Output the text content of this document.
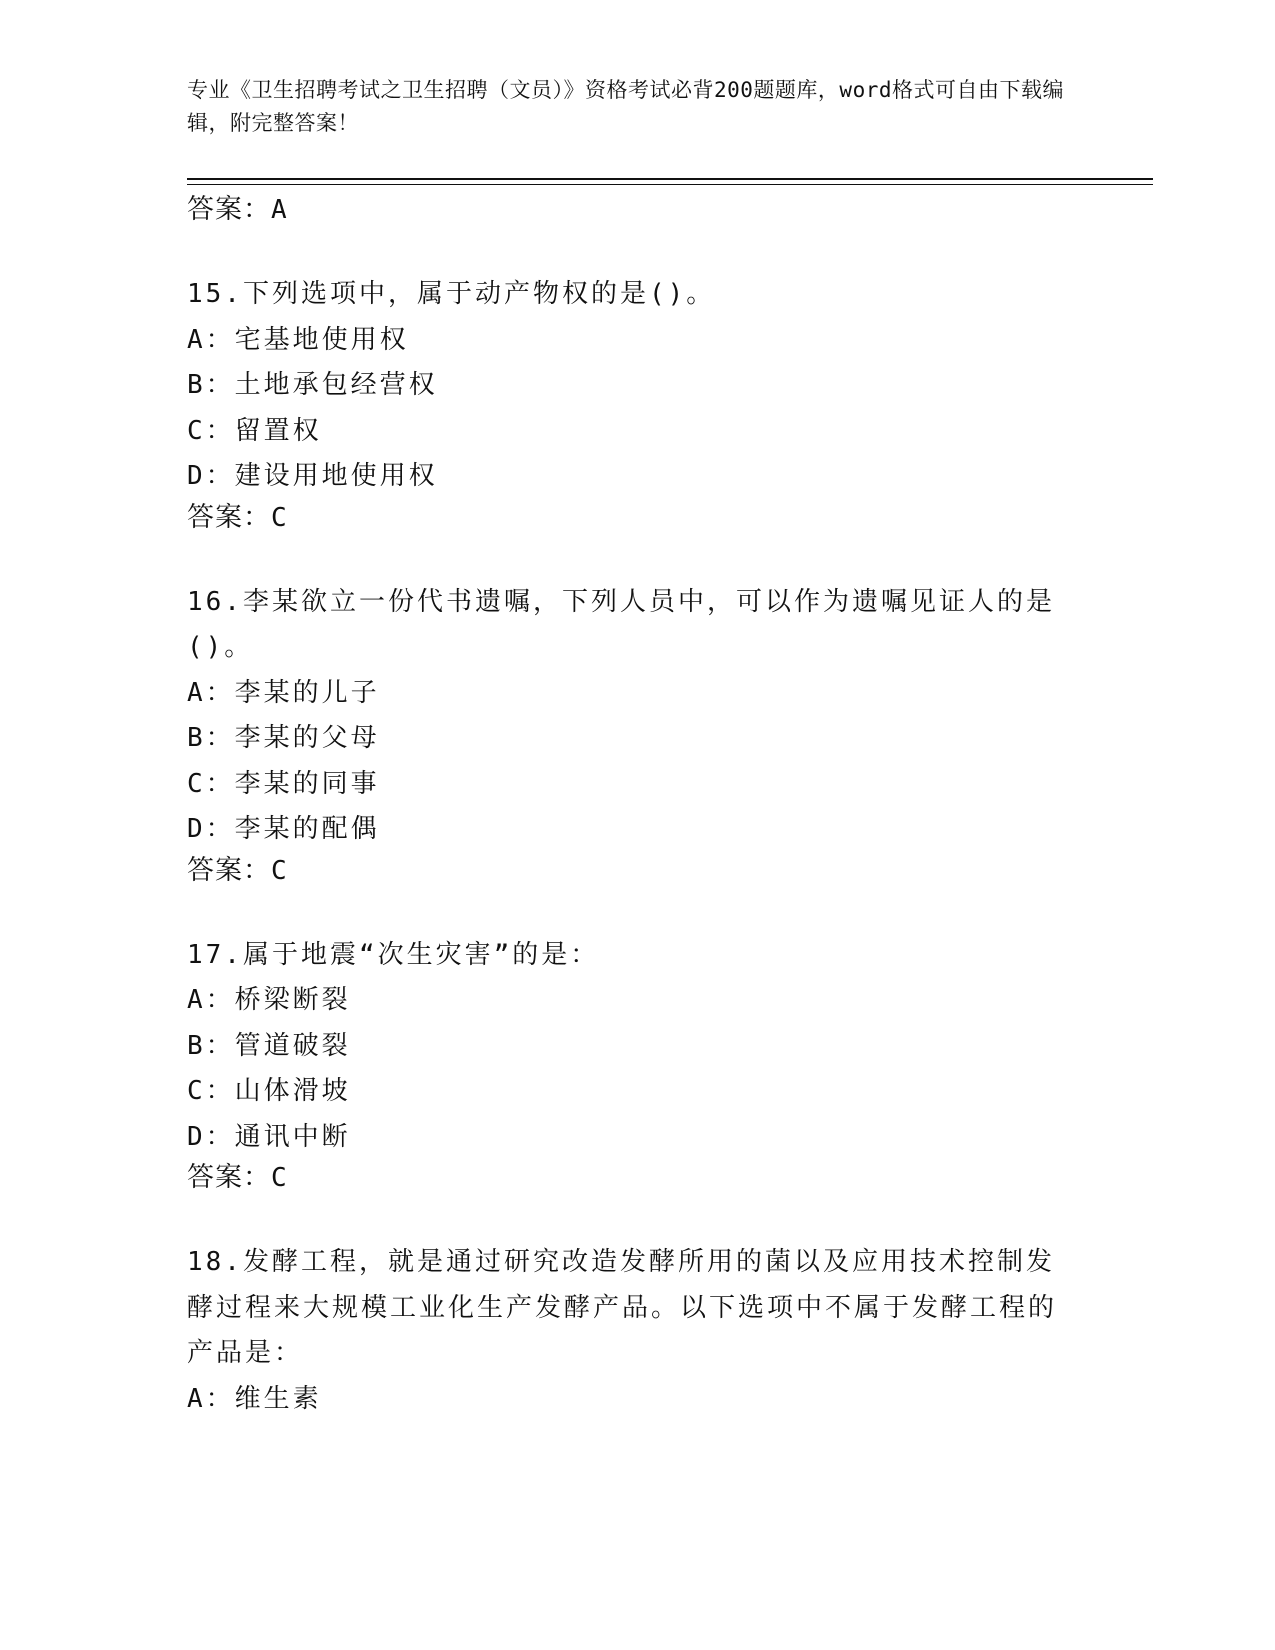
专业《卫生招聘考试之卫生招聘（文员）》资格考试必背200题题库，word格式可自由下载编辑，附完整答案！
答案：A
15.下列选项中，属于动产物权的是()。
A：宅基地使用权
B：土地承包经营权
C：留置权
D：建设用地使用权
答案：C
16.李某欲立一份代书遗嘱，下列人员中，可以作为遗嘱见证人的是()。
A：李某的儿子
B：李某的父母
C：李某的同事
D：李某的配偶
答案：C
17.属于地震“次生灾害”的是：
A：桥梁断裂
B：管道破裂
C：山体滑坡
D：通讯中断
答案：C
18.发酵工程，就是通过研究改造发酵所用的菌以及应用技术控制发酵过程来大规模工业化生产发酵产品。以下选项中不属于发酵工程的产品是：
A：维生素
